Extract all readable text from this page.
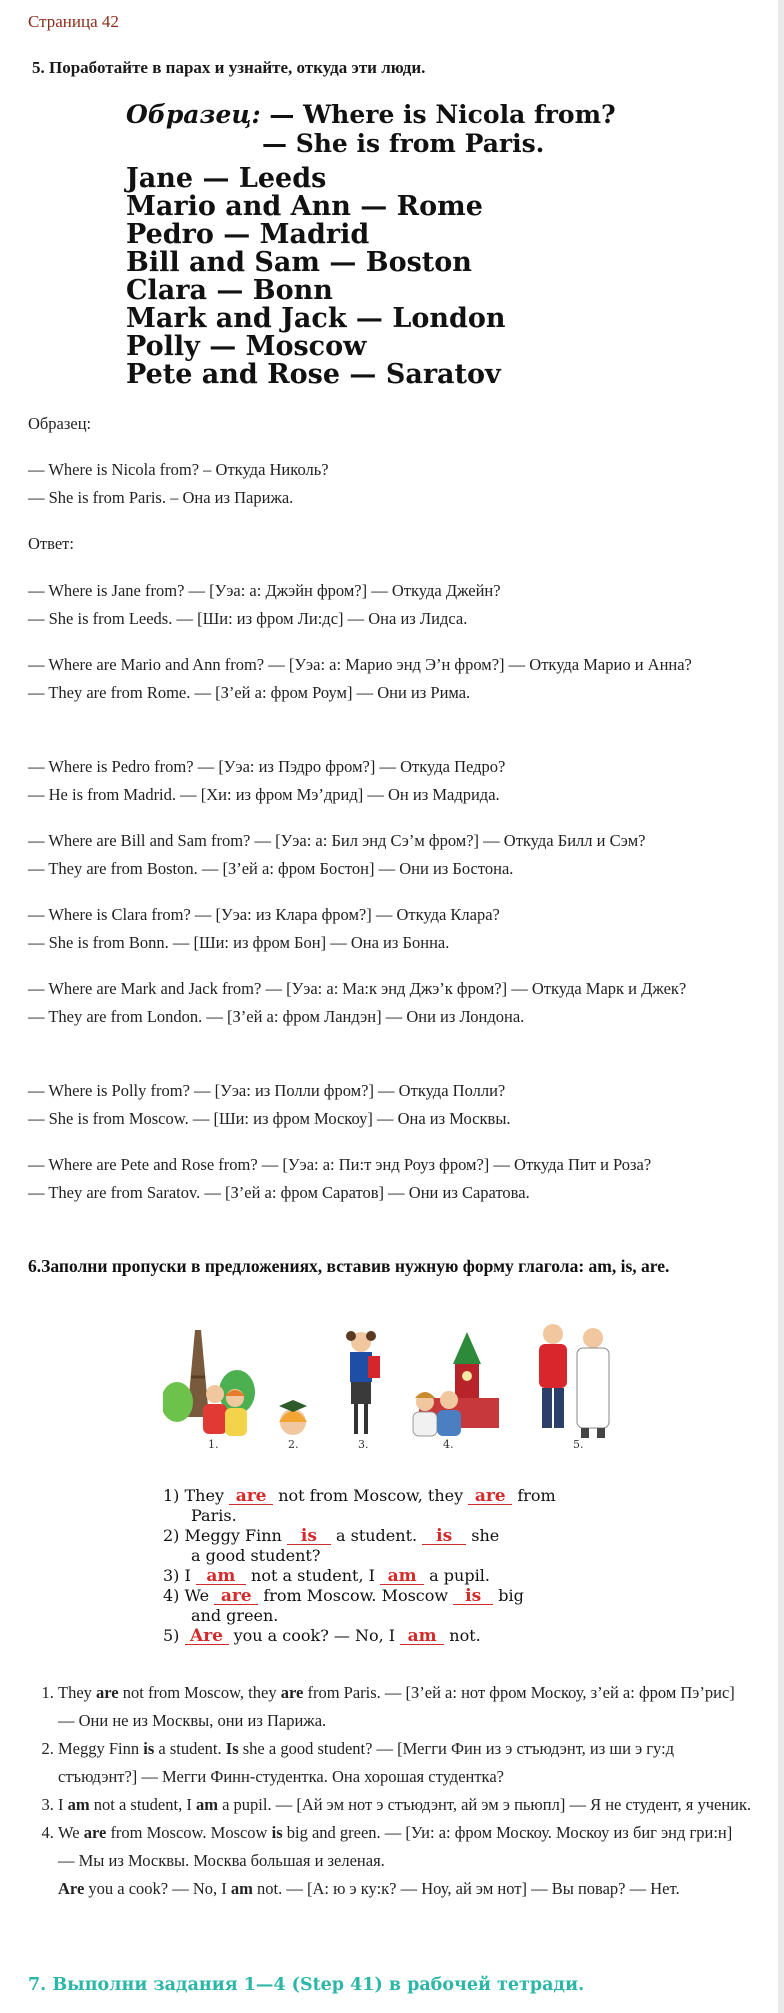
Страница 42
5. Поработайте в парах и узнайте, откуда эти люди.
Образец: — Where is Nicola from?
— She is from Paris.
Jane — Leeds
Mario and Ann — Rome
Pedro — Madrid
Bill and Sam — Boston
Clara — Bonn
Mark and Jack — London
Polly — Moscow
Pete and Rose — Saratov
Образец:

— Where is Nicola from? – Откуда Николь?

— She is from Paris. – Она из Парижа.

Ответ:

— Where is Jane from? — [Уэа: а: Джэйн фром?] — Откуда Джейн?

— She is from Leeds. — [Ши: из фром Ли:дс] — Она из Лидса.

— Where are Mario and Ann from? — [Уэа: а: Марио энд Э’н фром?] — Откуда Марио и Анна?

— They are from Rome. — [З’ей а: фром Роум] — Они из Рима.

— Where is Pedro from? — [Уэа: из Пэдро фром?] — Откуда Педро?

— He is from Madrid. — [Хи: из фром Мэ’дрид] — Он из Мадрида.

— Where are Bill and Sam from? — [Уэа: а: Бил энд Сэ’м фром?] — Откуда Билл и Сэм?

— They are from Boston. — [З’ей а: фром Бостон] — Они из Бостона.

— Where is Clara from? — [Уэа: из Клара фром?] — Откуда Клара?

— She is from Bonn. — [Ши: из фром Бон] — Она из Бонна.

— Where are Mark and Jack from? — [Уэа: а: Ма:к энд Джэ’к фром?] — Откуда Марк и Джек?

— They are from London. — [З’ей а: фром Ландэн] — Они из Лондона.

— Where is Polly from? — [Уэа: из Полли фром?] — Откуда Полли?

— She is from Moscow. — [Ши: из фром Москоу] — Она из Москвы.

— Where are Pete and Rose from? — [Уэа: а: Пи:т энд Роуз фром?] — Откуда Пит и Роза?

— They are from Saratov. — [З’ей а: фром Саратов] — Они из Саратова.

6.Заполни пропуски в предложениях, вставив нужную форму глагола: am, is, are.
1.	2.	3.	4.	5.
1) They are not from Moscow, they are from
Paris.
2) Meggy Finn is a student. is she
a good student?
3) I am not a student, I am a pupil.
4) We are from Moscow. Moscow is big
and green.
5) Are you a cook? — No, I am not.
1. They are not from Moscow, they are from Paris. — [З’ей а: нот фром Москоу, з’ей а: фром Пэ’рис] — Они не из Москвы, они из Парижа.
2. Meggy Finn is a student. Is she a good student? — [Мегги Фин из э стъюдэнт, из ши э гу:д стъюдэнт?] — Мегги Финн-студентка. Она хорошая студентка?
3. I am not a student, I am a pupil. — [Ай эм нот э стъюдэнт, ай эм э пьюпл] — Я не студент, я ученик.
4. We are from Moscow. Moscow is big and green. — [Уи: а: фром Москоу. Москоу из биг энд гри:н] — Мы из Москвы. Москва большая и зеленая.
Are you a cook? — No, I am not. — [А: ю э ку:к? — Ноу, ай эм нот] — Вы повар? — Нет.
7. Выполни задания 1—4 (Step 41) в рабочей тетради.
